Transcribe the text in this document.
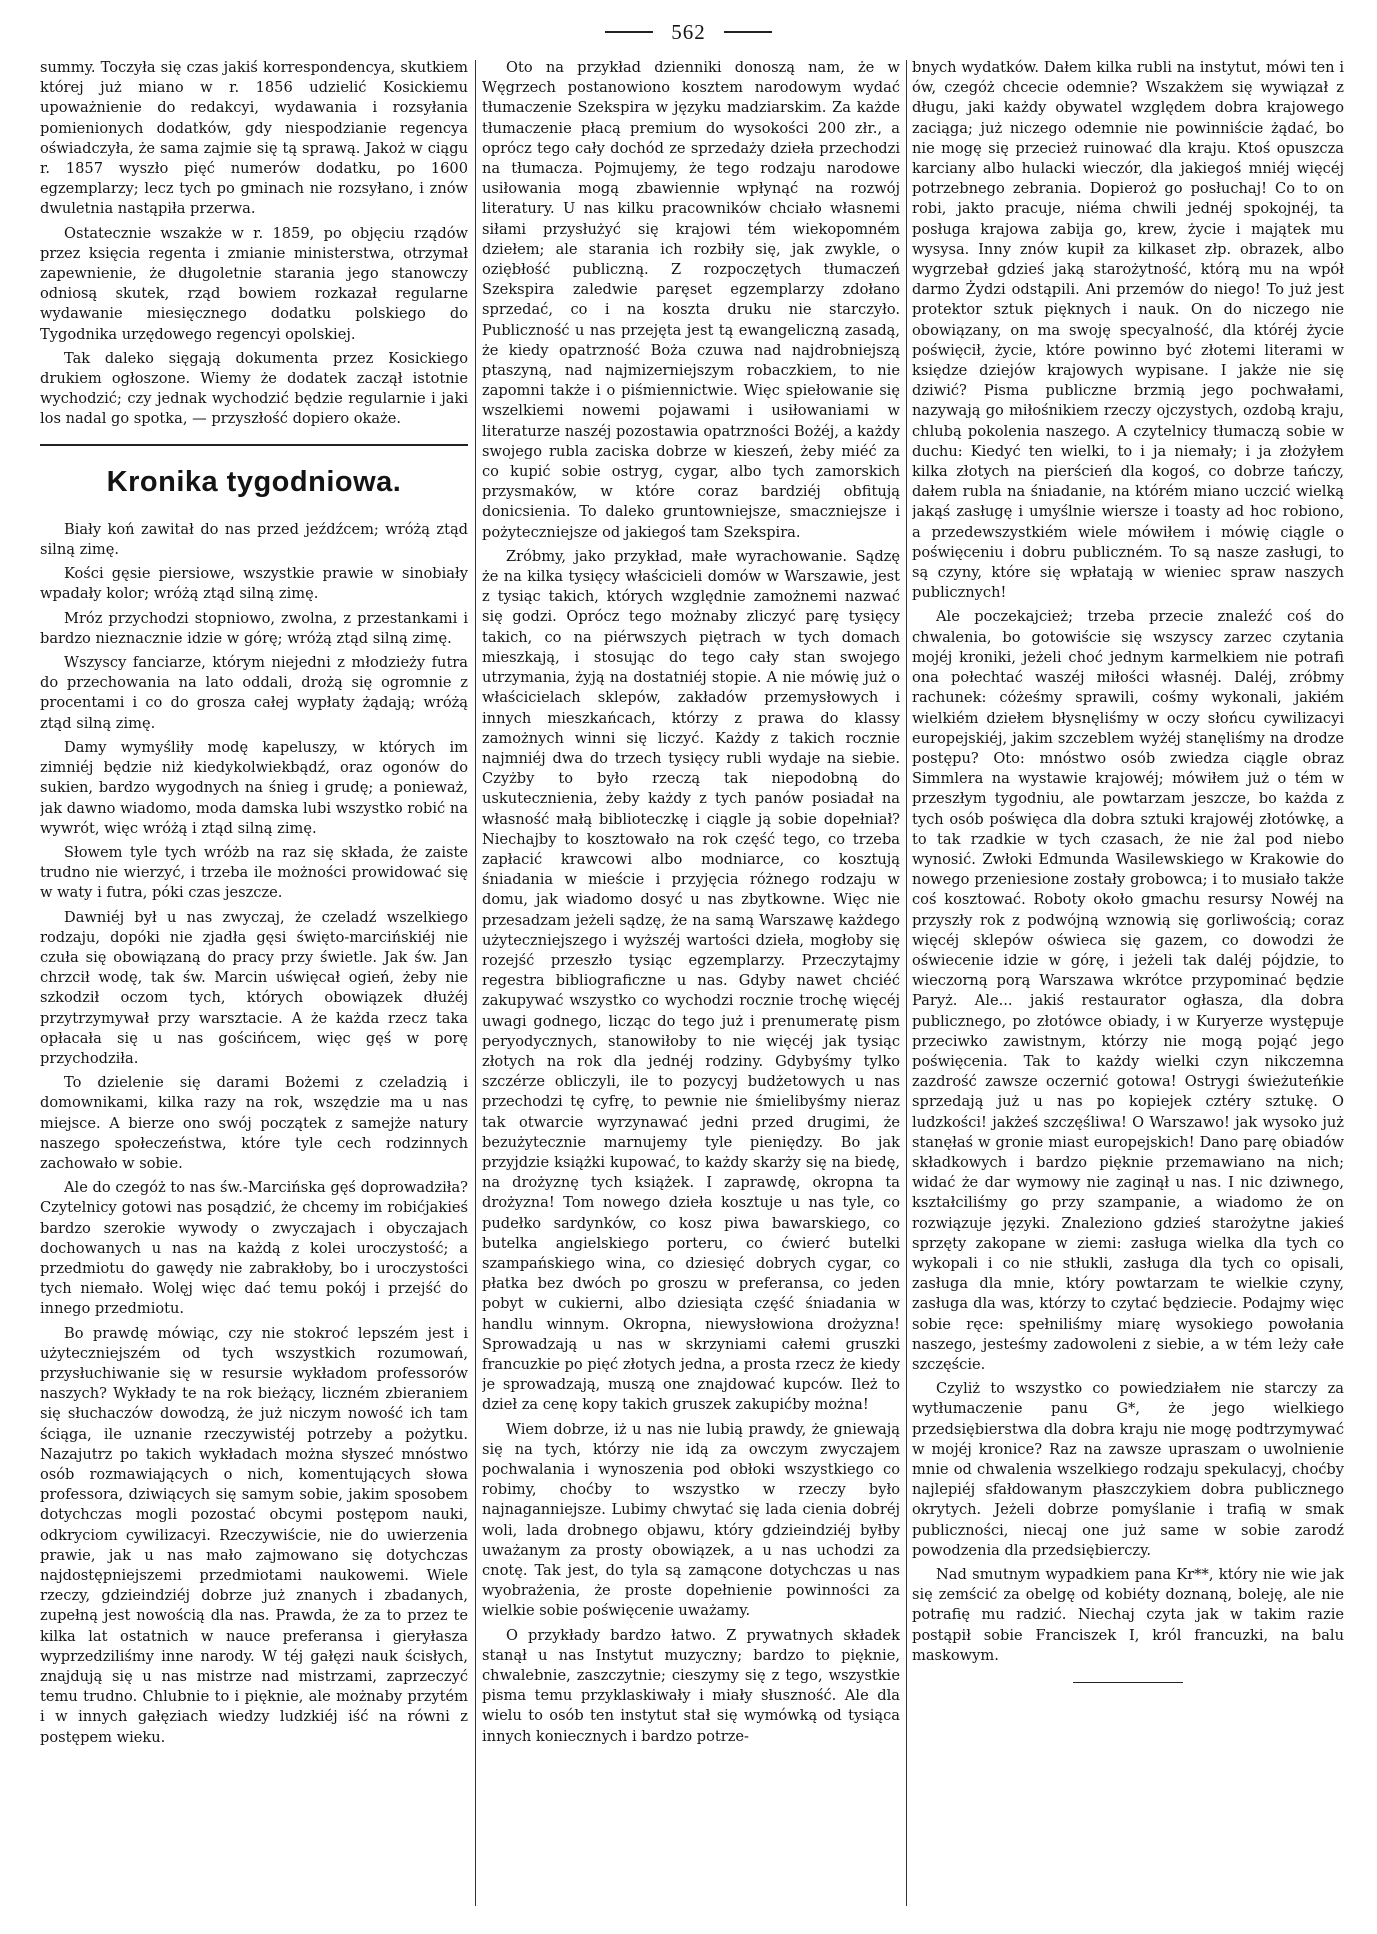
562

summy. Toczyła się czas jakiś korrespondencya, skutkiem której już miano w r. 1856 udzielić Kosickiemu upoważnienie do redakcyi, wydawania i rozsyłania pomienionych dodatków, gdy niespodzianie regencya oświadczyła, że sama zajmie się tą sprawą. Jakoż w ciągu r. 1857 wyszło pięć numerów dodatku, po 1600 egzemplarzy; lecz tych po gminach nie rozsyłano, i znów dwuletnia nastąpiła przerwa.

Ostatecznie wszakże w r. 1859, po objęciu rządów przez księcia regenta i zmianie ministerstwa, otrzymał zapewnienie, że długoletnie starania jego stanowczy odniosą skutek, rząd bowiem rozkazał regularne wydawanie miesięcznego dodatku polskiego do Tygodnika urzędowego regencyi opolskiej.

Tak daleko sięgają dokumenta przez Kosickiego drukiem ogłoszone. Wiemy że dodatek zaczął istotnie wychodzić; czy jednak wychodzić będzie regularnie i jaki los nadal go spotka, — przyszłość dopiero okaże.

Kronika tygodniowa.

Biały koń zawitał do nas przed jeźdźcem; wróżą ztąd silną zimę.

Kości gęsie piersiowe, wszystkie prawie w sinobiały wpadały kolor; wróżą ztąd silną zimę.

Mróz przychodzi stopniowo, zwolna, z przestankami i bardzo nieznacznie idzie w górę; wróżą ztąd silną zimę.

Wszyscy fanciarze, którym niejedni z młodzieży futra do przechowania na lato oddali, drożą się ogromnie z procentami i co do grosza całej wypłaty żądają; wróżą ztąd silną zimę.

Damy wymyśliły modę kapeluszy, w których im zimniéj będzie niż kiedykolwiekbądź, oraz ogonów do sukien, bardzo wygodnych na śnieg i grudę; a ponieważ, jak dawno wiadomo, moda damska lubi wszystko robić na wywrót, więc wróżą i ztąd silną zimę.

Słowem tyle tych wróżb na raz się składa, że zaiste trudno nie wierzyć, i trzeba ile możności prowidować się w waty i futra, póki czas jeszcze.

Dawniéj był u nas zwyczaj, że czeladź wszelkiego rodzaju, dopóki nie zjadła gęsi święto-marcińskiéj nie czuła się obowiązaną do pracy przy świetle. Jak św. Jan chrzcił wodę, tak św. Marcin uświęcał ogień, żeby nie szkodził oczom tych, których obowiązek dłużéj przytrzymywał przy warsztacie. A że każda rzecz taka opłacała się u nas gościńcem, więc gęś w porę przychodziła.

To dzielenie się darami Bożemi z czeladzią i domownikami, kilka razy na rok, wszędzie ma u nas miejsce. A bierze ono swój początek z samejże natury naszego społeczeństwa, które tyle cech rodzinnych zachowało w sobie.

Ale do czegóż to nas św.-Marcińska gęś doprowadziła? Czytelnicy gotowi nas posądzić, że chcemy im robićjakieś bardzo szerokie wywody o zwyczajach i obyczajach dochowanych u nas na każdą z kolei uroczystość; a przedmiotu do gawędy nie zabrakłoby, bo i uroczystości tych niemało. Wolęj więc dać temu pokój i przejść do innego przedmiotu.

Bo prawdę mówiąc, czy nie stokroć lepszém jest i użyteczniejszém od tych wszystkich rozumowań, przysłuchiwanie się w resursie wykładom professorów naszych? Wykłady te na rok bieżący, liczném zbieraniem się słuchaczów dowodzą, że już niczym nowość ich tam ściąga, ile uznanie rzeczywistéj potrzeby a pożytku. Nazajutrz po takich wykładach można słyszeć mnóstwo osób rozmawiających o nich, komentujących słowa professora, dziwiących się samym sobie, jakim sposobem dotychczas mogli pozostać obcymi postępom nauki, odkryciom cywilizacyi. Rzeczywiście, nie do uwierzenia prawie, jak u nas mało zajmowano się dotychczas najdostępniejszemi przedmiotami naukowemi. Wiele rzeczy, gdzieindziéj dobrze już znanych i zbadanych, zupełną jest nowością dla nas. Prawda, że za to przez te kilka lat ostatnich w nauce preferansa i gieryłasza wyprzedziliśmy inne narody. W téj gałęzi nauk ścisłych, znajdują się u nas mistrze nad mistrzami, zaprzeczyć temu trudno. Chlubnie to i pięknie, ale możnaby przytém i w innych gałęziach wiedzy ludzkiéj iść na równi z postępem wieku.

Oto na przykład dzienniki donoszą nam, że w Węgrzech postanowiono kosztem narodowym wydać tłumaczenie Szekspira w języku madziarskim. Za każde tłumaczenie płacą premium do wysokości 200 złr., a oprócz tego cały dochód ze sprzedaży dzieła przechodzi na tłumacza. Pojmujemy, że tego rodzaju narodowe usiłowania mogą zbawiennie wpłynąć na rozwój literatury. U nas kilku pracowników chciało własnemi siłami przysłużyć się krajowi tém wiekopomném dziełem; ale starania ich rozbiły się, jak zwykle, o oziębłość publiczną. Z rozpoczętych tłumaczeń Szekspira zaledwie paręset egzemplarzy zdołano sprzedać, co i na koszta druku nie starczyło. Publiczność u nas przejęta jest tą ewangeliczną zasadą, że kiedy opatrzność Boża czuwa nad najdrobniejszą ptaszyną, nad najmizerniejszym robaczkiem, to nie zapomni także i o piśmiennictwie. Więc spiełowanie się wszelkiemi nowemi pojawami i usiłowaniami w literaturze naszéj pozostawia opatrzności Bożéj, a każdy swojego rubla zaciska dobrze w kieszeń, żeby miéć za co kupić sobie ostryg, cygar, albo tych zamorskich przysmaków, w które coraz bardziéj obfitują donicsienia. To daleko gruntowniejsze, smaczniejsze i pożyteczniejsze od jakiegoś tam Szekspira.

Zróbmy, jako przykład, małe wyrachowanie. Sądzę że na kilka tysięcy właścicieli domów w Warszawie, jest z tysiąc takich, których względnie zamożnemi nazwać się godzi. Oprócz tego możnaby zliczyć parę tysięcy takich, co na piérwszych piętrach w tych domach mieszkają, i stosując do tego cały stan swojego utrzymania, żyją na dostatniéj stopie. A nie mówię już o właścicielach sklepów, zakładów przemysłowych i innych mieszkańcach, którzy z prawa do klassy zamożnych winni się liczyć. Każdy z takich rocznie najmniéj dwa do trzech tysięcy rubli wydaje na siebie. Czyżby to było rzeczą tak niepodobną do uskutecznienia, żeby każdy z tych panów posiadał na własność małą biblioteczkę i ciągle ją sobie dopełniał? Niechajby to kosztowało na rok część tego, co trzeba zapłacić krawcowi albo modniarce, co kosztują śniadania w mieście i przyjęcia różnego rodzaju w domu, jak wiadomo dosyć u nas zbytkowne. Więc nie przesadzam jeżeli sądzę, że na samą Warszawę każdego użyteczniejszego i wyższéj wartości dzieła, mogłoby się rozejść przeszło tysiąc egzemplarzy. Przeczytajmy regestra bibliograficzne u nas. Gdyby nawet chciéć zakupywać wszystko co wychodzi rocznie trochę więcéj uwagi godnego, licząc do tego już i prenumeratę pism peryodycznych, stanowiłoby to nie więcéj jak tysiąc złotych na rok dla jednéj rodziny. Gdybyśmy tylko szczérze obliczyli, ile to pozycyj budżetowych u nas przechodzi tę cyfrę, to pewnie nie śmielibyśmy nieraz tak otwarcie wyrzynawać jedni przed drugimi, że bezużytecznie marnujemy tyle pieniędzy. Bo jak przyjdzie książki kupować, to każdy skarży się na biedę, na drożyznę tych książek. I zaprawdę, okropna ta drożyzna! Tom nowego dzieła kosztuje u nas tyle, co pudełko sardynków, co kosz piwa bawarskiego, co butelka angielskiego porteru, co ćwierć butelki szampańskiego wina, co dziesięć dobrych cygar, co płatka bez dwóch po groszu w preferansa, co jeden pobyt w cukierni, albo dziesiąta część śniadania w handlu winnym. Okropna, niewysłowiona drożyzna! Sprowadzają u nas w skrzyniami całemi gruszki francuzkie po pięć złotych jedna, a prosta rzecz że kiedy je sprowadzają, muszą one znajdować kupców. Ileż to dzieł za cenę kopy takich gruszek zakupićby można!

Wiem dobrze, iż u nas nie lubią prawdy, że gniewają się na tych, którzy nie idą za owczym zwyczajem pochwalania i wynoszenia pod obłoki wszystkiego co robimy, choćby to wszystko w rzeczy było najnaganniejsze. Lubimy chwytać się lada cienia dobréj woli, lada drobnego objawu, który gdzieindziéj byłby uważanym za prosty obowiązek, a u nas uchodzi za cnotę. Tak jest, do tyla są zamącone dotychczas u nas wyobrażenia, że proste dopełnienie powinności za wielkie sobie poświęcenie uważamy.

O przykłady bardzo łatwo. Z prywatnych składek stanął u nas Instytut muzyczny; bardzo to pięknie, chwalebnie, zaszczytnie; cieszymy się z tego, wszystkie pisma temu przyklaskiwały i miały słuszność. Ale dla wielu to osób ten instytut stał się wymówką od tysiąca innych koniecznych i bardzo potrze-

bnych wydatków. Dałem kilka rubli na instytut, mówi ten i ów, czegóż chcecie odemnie? Wszakżem się wywiązał z długu, jaki każdy obywatel względem dobra krajowego zaciąga; już niczego odemnie nie powinniście żądać, bo nie mogę się przecież ruinować dla kraju. Ktoś opuszcza karciany albo hulacki wieczór, dla jakiegoś mniéj więcéj potrzebnego zebrania. Dopieroż go posłuchaj! Co to on robi, jakto pracuje, niéma chwili jednéj spokojnéj, ta posługa krajowa zabija go, krew, życie i majątek mu wysysa. Inny znów kupił za kilkaset złp. obrazek, albo wygrzebał gdzieś jaką starożytność, którą mu na wpół darmo Żydzi odstąpili. Ani przemów do niego! To już jest protektor sztuk pięknych i nauk. On do niczego nie obowiązany, on ma swoję specyalność, dla któréj życie poświęcił, życie, które powinno być złotemi literami w księdze dziejów krajowych wypisane. I jakże nie się dziwić? Pisma publiczne brzmią jego pochwałami, nazywają go miłośnikiem rzeczy ojczystych, ozdobą kraju, chlubą pokolenia naszego. A czytelnicy tłumaczą sobie w duchu: Kiedyć ten wielki, to i ja niemały; i ja złożyłem kilka złotych na pierścień dla kogoś, co dobrze tańczy, dałem rubla na śniadanie, na którém miano uczcić wielką jakąś zasługę i umyślnie wiersze i toasty ad hoc robiono, a przedewszystkiém wiele mówiłem i mówię ciągle o poświęceniu i dobru publiczném. To są nasze zasługi, to są czyny, które się wpłatają w wieniec spraw naszych publicznych!

Ale poczekajcież; trzeba przecie znaleźć coś do chwalenia, bo gotowiście się wszyscy zarzec czytania mojéj kroniki, jeżeli choć jednym karmelkiem nie potrafi ona połechtać waszéj miłości własnéj. Daléj, zróbmy rachunek: cóżeśmy sprawili, cośmy wykonali, jakiém wielkiém dziełem błysnęliśmy w oczy słońcu cywilizacyi europejskiéj, jakim szczeblem wyżéj stanęliśmy na drodze postępu? Oto: mnóstwo osób zwiedza ciągle obraz Simmlera na wystawie krajowéj; mówiłem już o tém w przeszłym tygodniu, ale powtarzam jeszcze, bo każda z tych osób poświęca dla dobra sztuki krajowéj złotówkę, a to tak rzadkie w tych czasach, że nie żal pod niebo wynosić. Zwłoki Edmunda Wasilewskiego w Krakowie do nowego przeniesione zostały grobowca; i to musiało także coś kosztować. Roboty około gmachu resursy Nowéj na przyszły rok z podwójną wznowią się gorliwością; coraz więcéj sklepów oświeca się gazem, co dowodzi że oświecenie idzie w górę, i jeżeli tak daléj pójdzie, to wieczorną porą Warszawa wkrótce przypominać będzie Paryż. Ale... jakiś restaurator ogłasza, dla dobra publicznego, po złotówce obiady, i w Kuryerze występuje przeciwko zawistnym, którzy nie mogą pojąć jego poświęcenia. Tak to każdy wielki czyn nikczemna zazdrość zawsze oczernić gotowa! Ostrygi świeżuteńkie sprzedają już u nas po kopiejek cztéry sztukę. O ludzkości! jakżeś szczęśliwa! O Warszawo! jak wysoko już stanęłaś w gronie miast europejskich! Dano parę obiadów składkowych i bardzo pięknie przemawiano na nich; widać że dar wymowy nie zaginął u nas. I nic dziwnego, kształciliśmy go przy szampanie, a wiadomo że on rozwiązuje języki. Znaleziono gdzieś starożytne jakieś sprzęty zakopane w ziemi: zasługa wielka dla tych co wykopali i co nie stłukli, zasługa dla tych co opisali, zasługa dla mnie, który powtarzam te wielkie czyny, zasługa dla was, którzy to czytać będziecie. Podajmy więc sobie ręce: spełniliśmy miarę wysokiego powołania naszego, jesteśmy zadowoleni z siebie, a w tém leży całe szczęście.

Czyliż to wszystko co powiedziałem nie starczy za wytłumaczenie panu G*, że jego wielkiego przedsiębierstwa dla dobra kraju nie mogę podtrzymywać w mojéj kronice? Raz na zawsze upraszam o uwolnienie mnie od chwalenia wszelkiego rodzaju spekulacyj, choćby najlepiéj sfałdowanym płaszczykiem dobra publicznego okrytych. Jeżeli dobrze pomyślanie i trafią w smak publiczności, niecaj one już same w sobie zarodź powodzenia dla przedsiębierczy.

Nad smutnym wypadkiem pana Kr**, który nie wie jak się zemścić za obelgę od kobiéty doznaną, boleję, ale nie potrafię mu radzić. Niechaj czyta jak w takim razie postąpił sobie Franciszek I, król francuzki, na balu maskowym.
